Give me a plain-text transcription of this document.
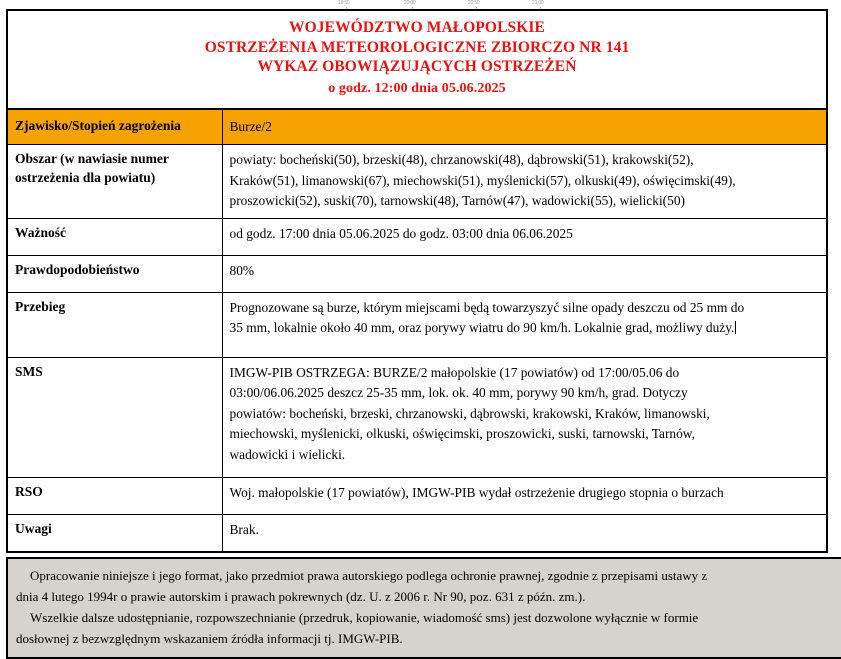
19:50	20:00	20:50	21:00
WOJEWÓDZTWO MAŁOPOLSKIE
OSTRZEŻENIA METEOROLOGICZNE ZBIORCZO NR 141
WYKAZ OBOWIĄZUJĄCYCH OSTRZEŻEŃ
o godz. 12:00 dnia 05.06.2025	

Zjawisko/Stopień zagrożenia	Burze/2
Obszar (w nawiasie numer ostrzeżenia dla powiatu)	powiaty: bocheński(50), brzeski(48), chrzanowski(48), dąbrowski(51), krakowski(52),
Kraków(51), limanowski(67), miechowski(51), myślenicki(57), olkuski(49), oświęcimski(49),
proszowicki(52), suski(70), tarnowski(48), Tarnów(47), wadowicki(55), wielicki(50)

Ważność	od godz. 17:00 dnia 05.06.2025 do godz. 03:00 dnia 06.06.2025

Prawdopodobieństwo	80%

Przebieg	Prognozowane są burze, którym miejscami będą towarzyszyć silne opady deszczu od 25 mm do
35 mm, lokalnie około 40 mm, oraz porywy wiatru do 90 km/h. Lokalnie grad, możliwy duży.

SMS	IMGW-PIB OSTRZEGA: BURZE/2 małopolskie (17 powiatów) od 17:00/05.06 do
03:00/06.06.2025 deszcz 25-35 mm, lok. ok. 40 mm, porywy 90 km/h, grad. Dotyczy
powiatów: bocheński, brzeski, chrzanowski, dąbrowski, krakowski, Kraków, limanowski,
miechowski, myślenicki, olkuski, oświęcimski, proszowicki, suski, tarnowski, Tarnów,
wadowicki i wielicki.

RSO	Woj. małopolskie (17 powiatów), IMGW-PIB wydał ostrzeżenie drugiego stopnia o burzach

Uwagi	Brak.
Opracowanie niniejsze i jego format, jako przedmiot prawa autorskiego podlega ochronie prawnej, zgodnie z przepisami ustawy z
dnia 4 lutego 1994r o prawie autorskim i prawach pokrewnych (dz. U. z 2006 r. Nr 90, poz. 631 z późn. zm.).
Wszelkie dalsze udostępnianie, rozpowszechnianie (przedruk, kopiowanie, wiadomość sms) jest dozwolone wyłącznie w formie
dosłownej z bezwzględnym wskazaniem źródła informacji tj. IMGW-PIB.
